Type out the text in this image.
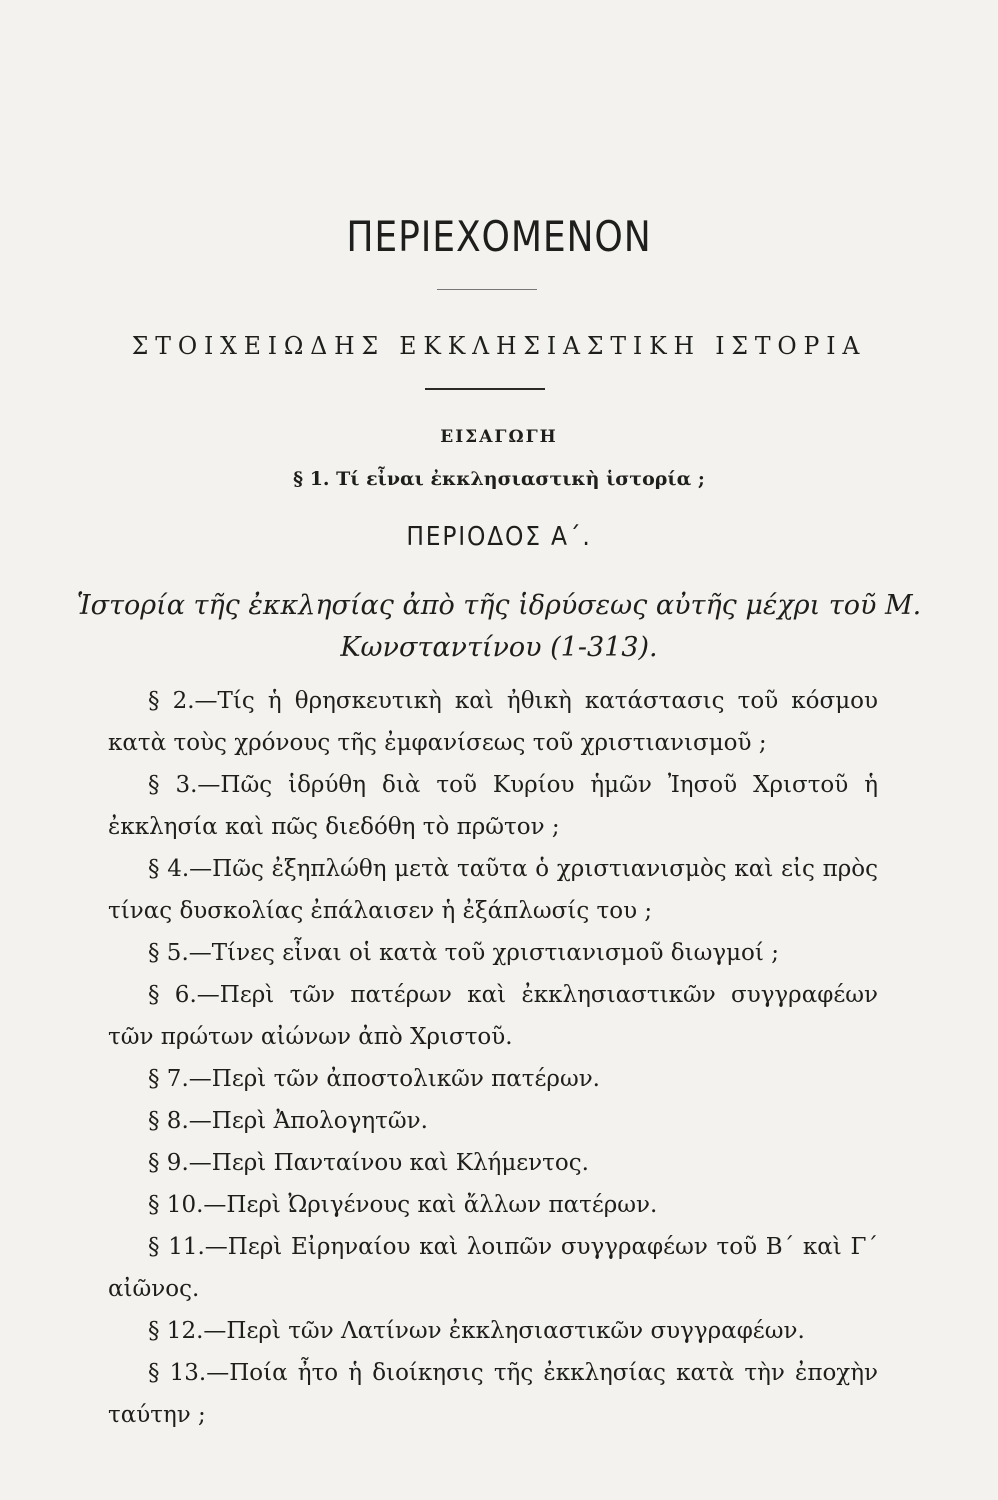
ΠΕΡΙΕΧΟΜΕΝΟΝ
ΣΤΟΙΧΕΙΩΔΗΣ ΕΚΚΛΗΣΙΑΣΤΙΚΗ ΙΣΤΟΡΙΑ
ΕΙΣΑΓΩΓΗ
§ 1. Τί εἶναι ἐκκλησιαστικὴ ἱστορία ;
ΠΕΡΙΟΔΟΣ Α΄.
Ἱστορία τῆς ἐκκλησίας ἀπὸ τῆς ἱδρύσεως αὐτῆς μέχρι τοῦ Μ.
Κωνσταντίνου (1-313).

§ 2.—Τίς ἡ θρησκευτικὴ καὶ ἠθικὴ κατάστασις τοῦ κόσμου κατὰ τοὺς χρόνους τῆς ἐμφανίσεως τοῦ χριστιανισμοῦ ;

§ 3.—Πῶς ἱδρύθη διὰ τοῦ Κυρίου ἡμῶν Ἰησοῦ Χριστοῦ ἡ ἐκκλησία καὶ πῶς διεδόθη τὸ πρῶτον ;

§ 4.—Πῶς ἐξηπλώθη μετὰ ταῦτα ὁ χριστιανισμὸς καὶ εἰς πρὸς τίνας δυσκολίας ἐπάλαισεν ἡ ἐξάπλωσίς του ;

§ 5.—Τίνες εἶναι οἱ κατὰ τοῦ χριστιανισμοῦ διωγμοί ;

§ 6.—Περὶ τῶν πατέρων καὶ ἐκκλησιαστικῶν συγγραφέων τῶν πρώτων αἰώνων ἀπὸ Χριστοῦ.

§ 7.—Περὶ τῶν ἀποστολικῶν πατέρων.

§ 8.—Περὶ Ἀπολογητῶν.

§ 9.—Περὶ Πανταίνου καὶ Κλήμεντος.

§ 10.—Περὶ Ὠριγένους καὶ ἄλλων πατέρων.

§ 11.—Περὶ Εἰρηναίου καὶ λοιπῶν συγγραφέων τοῦ Β΄ καὶ Γ΄ αἰῶνος.

§ 12.—Περὶ τῶν Λατίνων ἐκκλησιαστικῶν συγγραφέων.

§ 13.—Ποία ἦτο ἡ διοίκησις τῆς ἐκκλησίας κατὰ τὴν ἐποχὴν ταύτην ;
